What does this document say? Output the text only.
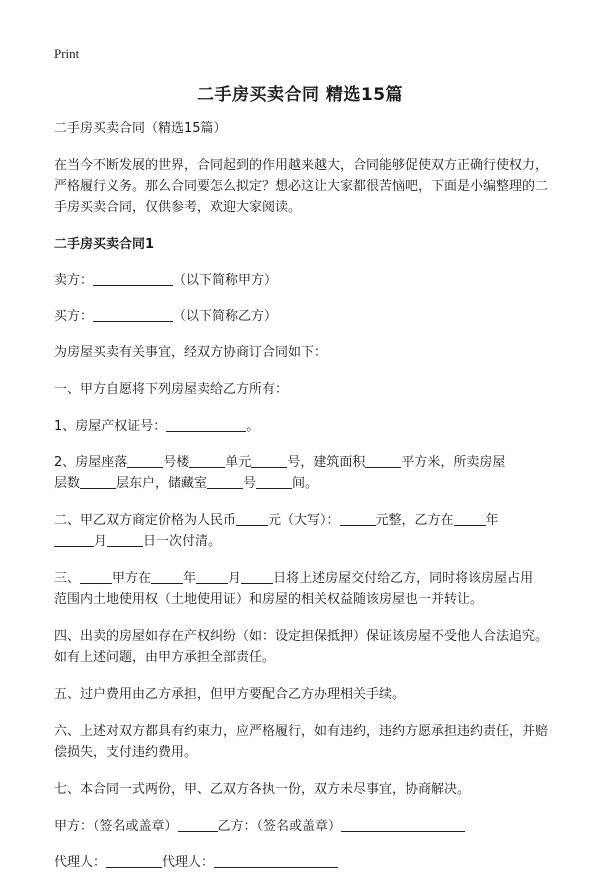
Print
二手房买卖合同 精选15篇

二手房买卖合同（精选15篇）

在当今不断发展的世界，合同起到的作用越来越大，合同能够促使双方正确行使权力，严格履行义务。那么合同要怎么拟定？想必这让大家都很苦恼吧，下面是小编整理的二手房买卖合同，仅供参考，欢迎大家阅读。

二手房买卖合同1

卖方：	（以下简称甲方）

买方：	（以下简称乙方）

为房屋买卖有关事宜，经双方协商订合同如下：

一、甲方自愿将下列房屋卖给乙方所有：

1、房屋产权证号：	。

2、房屋座落	号楼	单元	号，建筑面积	平方米，所卖房屋

层数	层东户，储藏室	号	间。

二、甲乙双方商定价格为人民币 元（大写）：	元整，乙方在 年

月	日一次付清。

三、 甲方在 年 月 日将上述房屋交付给乙方，同时将该房屋占用

范围内土地使用权（土地使用证）和房屋的相关权益随该房屋也一并转让。

四、出卖的房屋如存在产权纠纷（如：设定担保抵押）保证该房屋不受他人合法追究。如有上述问题，由甲方承担全部责任。

五、过户费用由乙方承担，但甲方要配合乙方办理相关手续。

六、上述对双方都具有约束力，应严格履行，如有违约，违约方愿承担违约责任，并赔偿损失，支付违约费用。

七、本合同一式两份，甲、乙双方各执一份，双方未尽事宜，协商解决。

甲方：（签名或盖章）	乙方：（签名或盖章）

代理人：	代理人：
